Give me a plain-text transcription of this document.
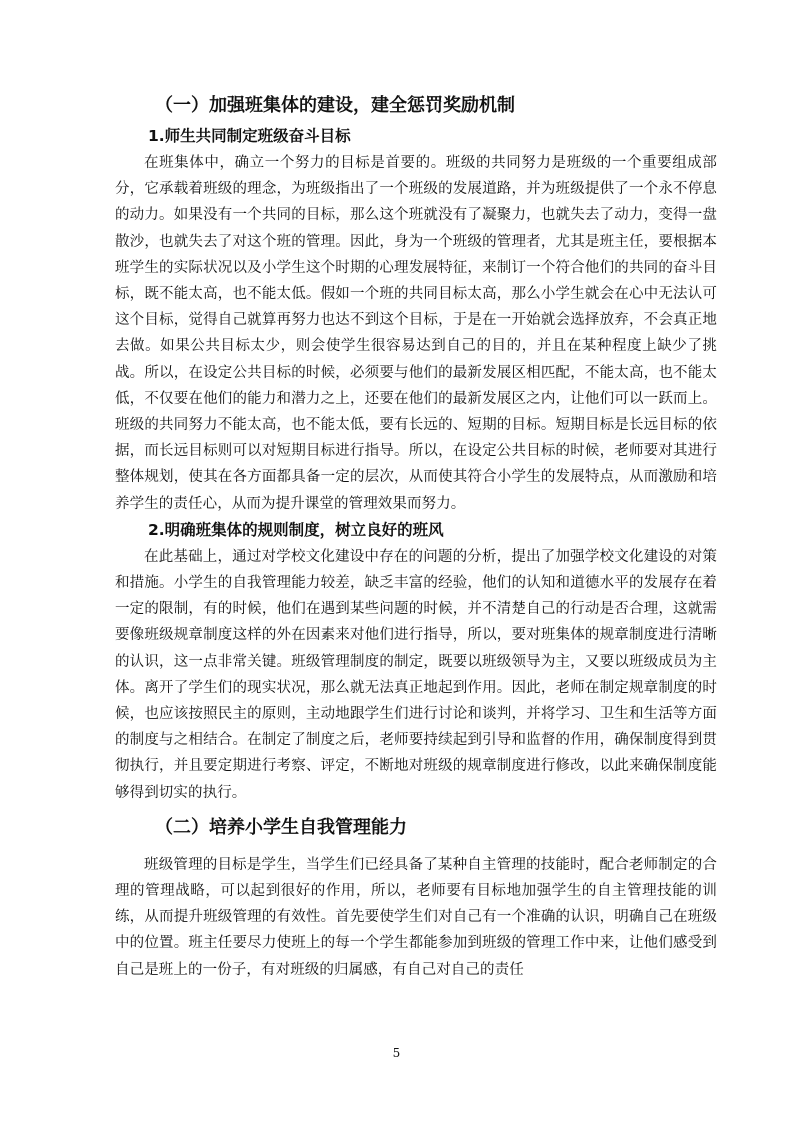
（一）加强班集体的建设，建全惩罚奖励机制
1.师生共同制定班级奋斗目标

在班集体中，确立一个努力的目标是首要的。班级的共同努力是班级的一个重要组成部分，它承载着班级的理念，为班级指出了一个班级的发展道路，并为班级提供了一个永不停息的动力。如果没有一个共同的目标，那么这个班就没有了凝聚力，也就失去了动力，变得一盘散沙，也就失去了对这个班的管理。因此，身为一个班级的管理者，尤其是班主任，要根据本班学生的实际状况以及小学生这个时期的心理发展特征，来制订一个符合他们的共同的奋斗目标，既不能太高，也不能太低。假如一个班的共同目标太高，那么小学生就会在心中无法认可这个目标，觉得自己就算再努力也达不到这个目标，于是在一开始就会选择放弃，不会真正地去做。如果公共目标太少，则会使学生很容易达到自己的目的，并且在某种程度上缺少了挑战。所以，在设定公共目标的时候，必须要与他们的最新发展区相匹配，不能太高，也不能太低，不仅要在他们的能力和潜力之上，还要在他们的最新发展区之内，让他们可以一跃而上。班级的共同努力不能太高，也不能太低，要有长远的、短期的目标。短期目标是长远目标的依据，而长远目标则可以对短期目标进行指导。所以，在设定公共目标的时候，老师要对其进行整体规划，使其在各方面都具备一定的层次，从而使其符合小学生的发展特点，从而激励和培养学生的责任心，从而为提升课堂的管理效果而努力。

2.明确班集体的规则制度，树立良好的班风

在此基础上，通过对学校文化建设中存在的问题的分析，提出了加强学校文化建设的对策和措施。小学生的自我管理能力较差，缺乏丰富的经验，他们的认知和道德水平的发展存在着一定的限制，有的时候，他们在遇到某些问题的时候，并不清楚自己的行动是否合理，这就需要像班级规章制度这样的外在因素来对他们进行指导，所以，要对班集体的规章制度进行清晰的认识，这一点非常关键。班级管理制度的制定，既要以班级领导为主，又要以班级成员为主体。离开了学生们的现实状况，那么就无法真正地起到作用。因此，老师在制定规章制度的时候，也应该按照民主的原则，主动地跟学生们进行讨论和谈判，并将学习、卫生和生活等方面的制度与之相结合。在制定了制度之后，老师要持续起到引导和监督的作用，确保制度得到贯彻执行，并且要定期进行考察、评定，不断地对班级的规章制度进行修改，以此来确保制度能够得到切实的执行。

（二）培养小学生自我管理能力

班级管理的目标是学生，当学生们已经具备了某种自主管理的技能时，配合老师制定的合理的管理战略，可以起到很好的作用，所以，老师要有目标地加强学生的自主管理技能的训练，从而提升班级管理的有效性。首先要使学生们对自己有一个准确的认识，明确自己在班级中的位置。班主任要尽力使班上的每一个学生都能参加到班级的管理工作中来，让他们感受到自己是班上的一份子，有对班级的归属感，有自己对自己的责任

5
